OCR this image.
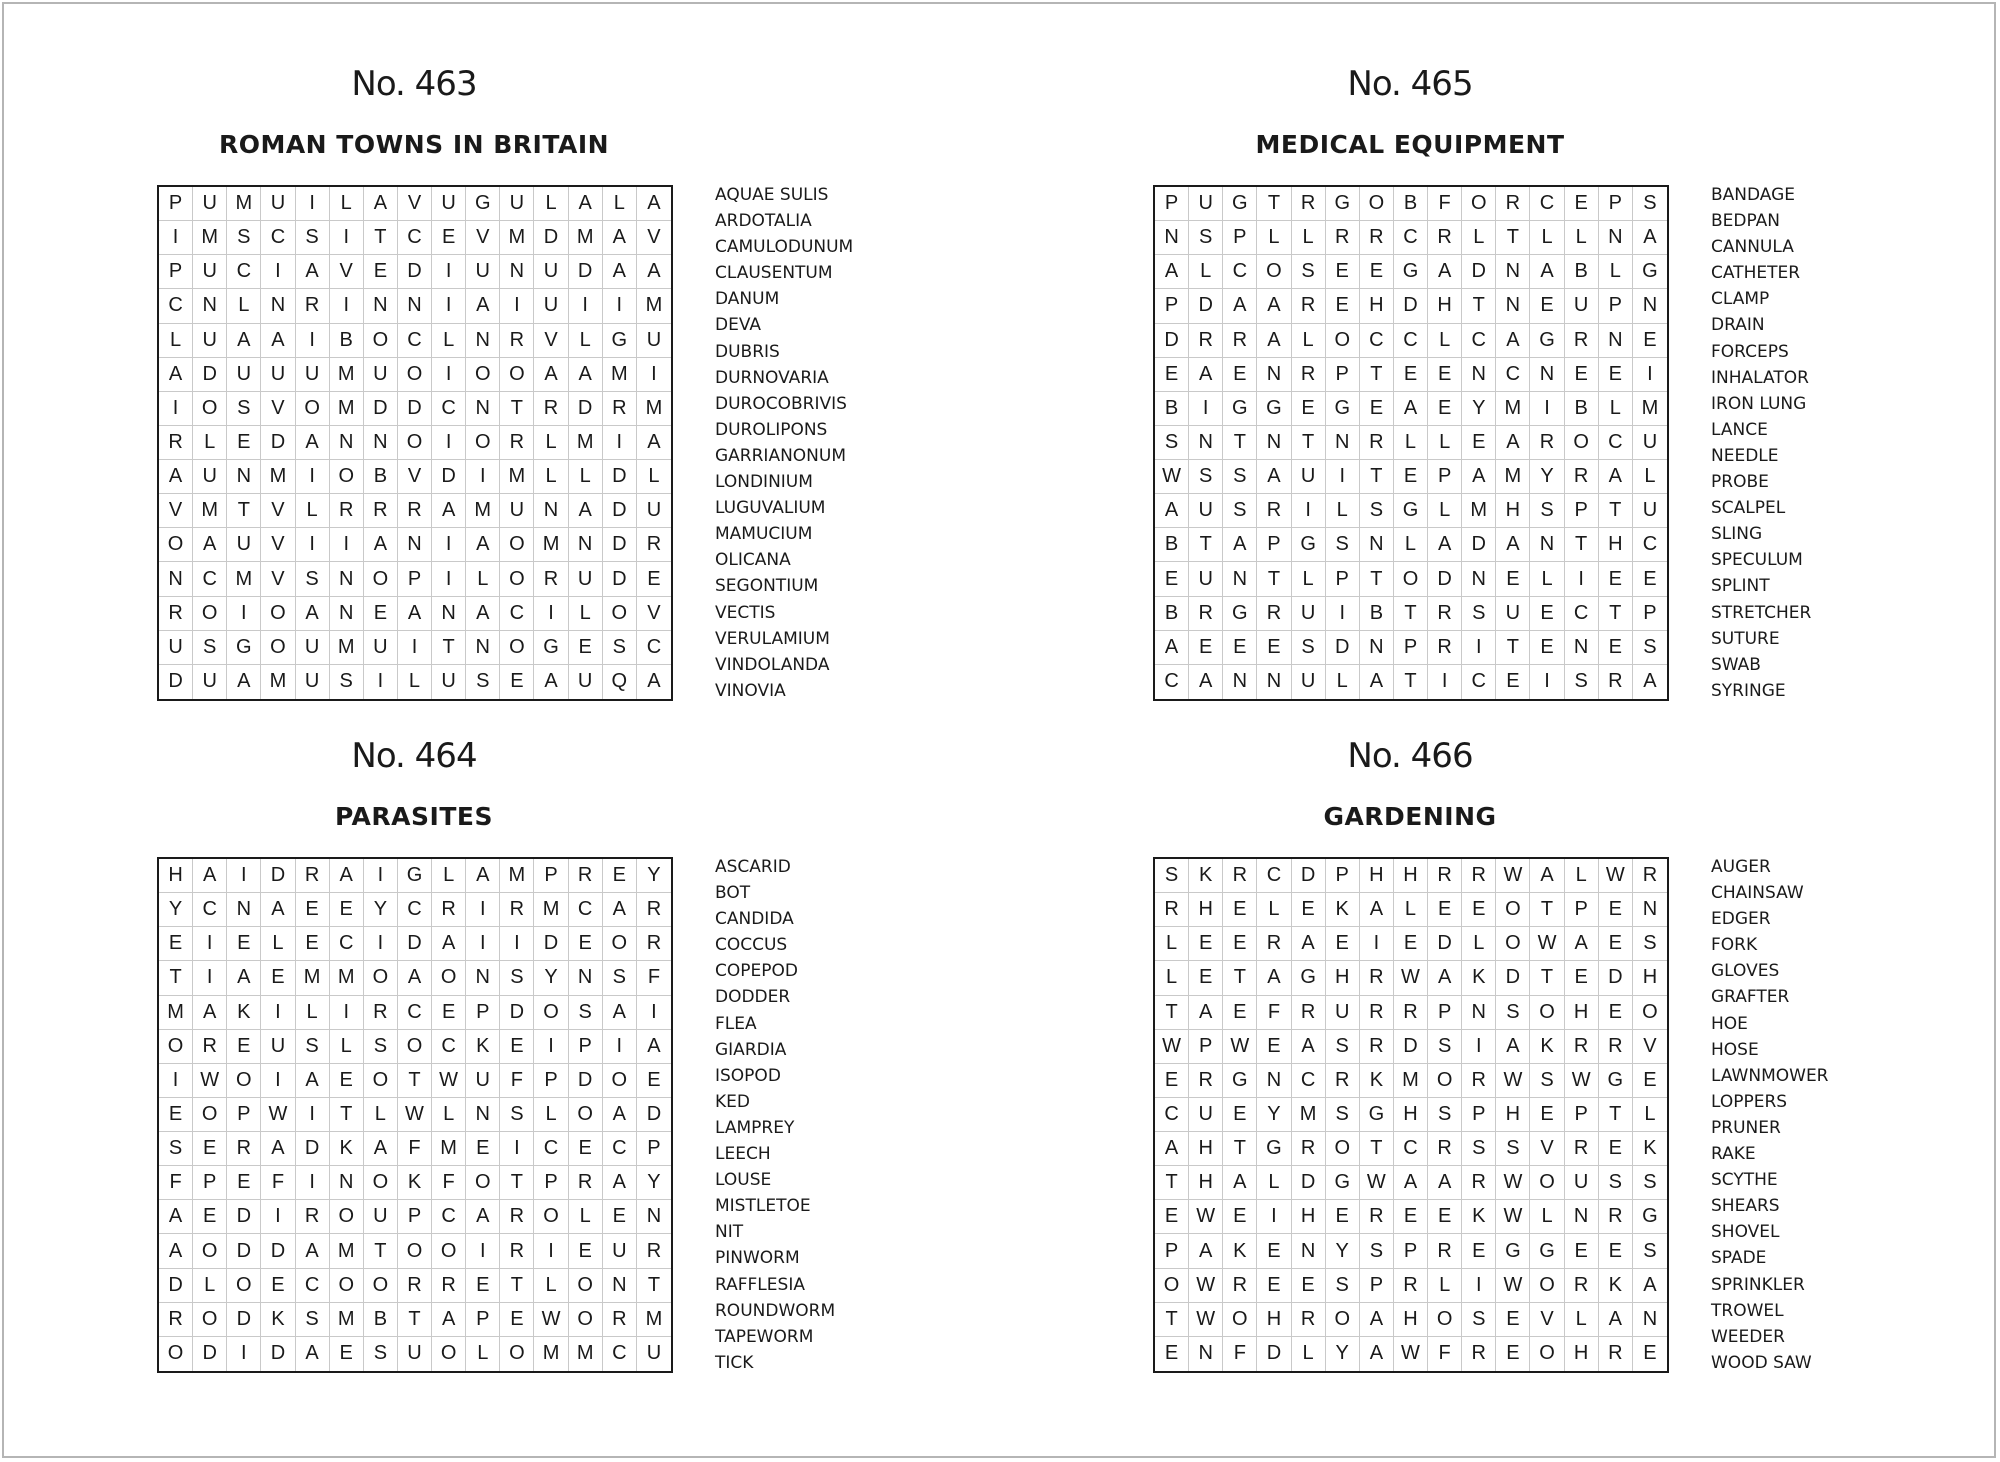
No. 463
ROMAN TOWNS IN BRITAIN
P	U M U	I	L	A	V	U G U	L	A	L	A
I	M S	C	S	I	T	C	E	V M D M A	V
P	U C	I	A	V	E	D	I	U N U D	A	A
C N	L	N R	I	N N	I	A	I	U	I	I	M
L	U	A	A	I	B O C	L	N R	V	L	G U
A	D U U U M U O	I	O O A	A M	I
I	O S	V O M D D C N	T	R D R M
R	L	E	D	A	N N O	I	O R	L	M	I	A
A	U N M	I	O B	V	D	I	M	L	L	D	L
V M T	V	L	R R R	A M U N	A	D	U
O A	U	V	I	I	A	N	I	A O M N D	R
N C M V	S	N O P	I	L	O R U D	E
R O	I	O A	N	E	A	N	A	C	I	L	O	V
U	S G O U M U	I	T	N O G E	S	C
D U	A M U	S	I	L	U	S	E	A	U Q	A
AQUAE SULIS
ARDOTALIA
CAMULODUNUM
CLAUSENTUM
DANUM
DEVA
DUBRIS
DURNOVARIA
DUROCOBRIVIS
DUROLIPONS
GARRIANONUM
LONDINIUM
LUGUVALIUM
MAMUCIUM
OLICANA
SEGONTIUM
VECTIS
VERULAMIUM
VINDOLANDA
VINOVIA
No. 465
MEDICAL EQUIPMENT
P	U G	T	R G O B	F	O R C	E	P	S
N	S	P	L	L	R R C R	L	T	L	L	N	A
A	L	C O S	E	E G A	D N	A	B	L	G
P	D	A	A	R	E	H D H	T	N	E	U	P	N
D R R	A	L	O C C	L	C	A G R N	E
E	A	E	N R	P	T	E	E	N C N	E	E	I
B	I	G G E G E	A	E	Y M	I	B	L	M
S	N	T	N	T	N R	L	L	E	A	R O C	U
W S	S	A	U	I	T	E	P	A M Y	R	A	L
A	U	S	R	I	L	S G	L	M H	S	P	T	U
B	T	A	P G S	N	L	A	D	A	N	T	H	C
E	U N	T	L	P	T	O D N	E	L	I	E	E
B	R G R U	I	B	T	R	S	U	E	C	T	P
A	E	E	E	S	D N	P	R	I	T	E	N	E	S
C	A	N N U	L	A	T	I	C	E	I	S	R	A
BANDAGE
BEDPAN
CANNULA
CATHETER
CLAMP
DRAIN
FORCEPS
INHALATOR
IRON LUNG
LANCE
NEEDLE
PROBE
SCALPEL
SLING
SPECULUM
SPLINT
STRETCHER
SUTURE
SWAB
SYRINGE
No. 464
PARASITES
H	A	I	D R	A	I	G	L	A M P	R	E	Y
Y	C N	A	E	E	Y	C R	I	R M C	A	R
E	I	E	L	E	C	I	D	A	I	I	D	E O R
T	I	A	E M M O A O N	S	Y	N	S	F
M A	K	I	L	I	R C	E	P	D O S	A	I
O R	E	U	S	L	S O C	K	E	I	P	I	A
I	W O	I	A	E O	T W U	F	P	D O	E
E O P W	I	T	L W L	N	S	L	O A	D
S	E	R	A	D	K	A	F M E	I	C	E	C	P
F	P	E	F	I	N O K	F	O	T	P	R	A	Y
A	E	D	I	R O U	P	C	A	R O	L	E	N
A O D D	A M T	O O	I	R	I	E	U	R
D	L	O E	C O O R R	E	T	L	O N	T
R O D	K	S M B	T	A	P	E W O R M
O D	I	D	A	E	S	U O	L	O M M C	U
ASCARID
BOT
CANDIDA
COCCUS
COPEPOD
DODDER
FLEA
GIARDIA
ISOPOD
KED
LAMPREY
LEECH
LOUSE
MISTLETOE
NIT
PINWORM
RAFFLESIA
ROUNDWORM
TAPEWORM
TICK
No. 466
GARDENING
S	K	R C D	P	H H R R W A	L W R
R H	E	L	E	K	A	L	E	E O	T	P	E	N
L	E	E	R	A	E	I	E	D	L	O W A	E	S
L	E	T	A G H R W A	K	D	T	E	D	H
T	A	E	F	R U R R	P	N	S O H	E	O
W P W E	A	S	R D	S	I	A	K	R R	V
E	R G N C R	K M O R W S W G	E
C U	E	Y M S G H	S	P	H	E	P	T	L
A	H	T	G R O	T	C R	S	S	V	R	E	K
T	H	A	L	D G W A	A	R W O U	S	S
E W E	I	H	E	R	E	E	K W L	N R G
P	A	K	E	N	Y	S	P	R	E G G E	E	S
O W R	E	E	S	P	R	L	I	W O R	K	A
T W O H R O A	H O S	E	V	L	A	N
E	N	F	D	L	Y	A W F	R	E O H R	E
AUGER
CHAINSAW
EDGER
FORK
GLOVES
GRAFTER
HOE
HOSE
LAWNMOWER
LOPPERS
PRUNER
RAKE
SCYTHE
SHEARS
SHOVEL
SPADE
SPRINKLER
TROWEL
WEEDER
WOOD SAW
